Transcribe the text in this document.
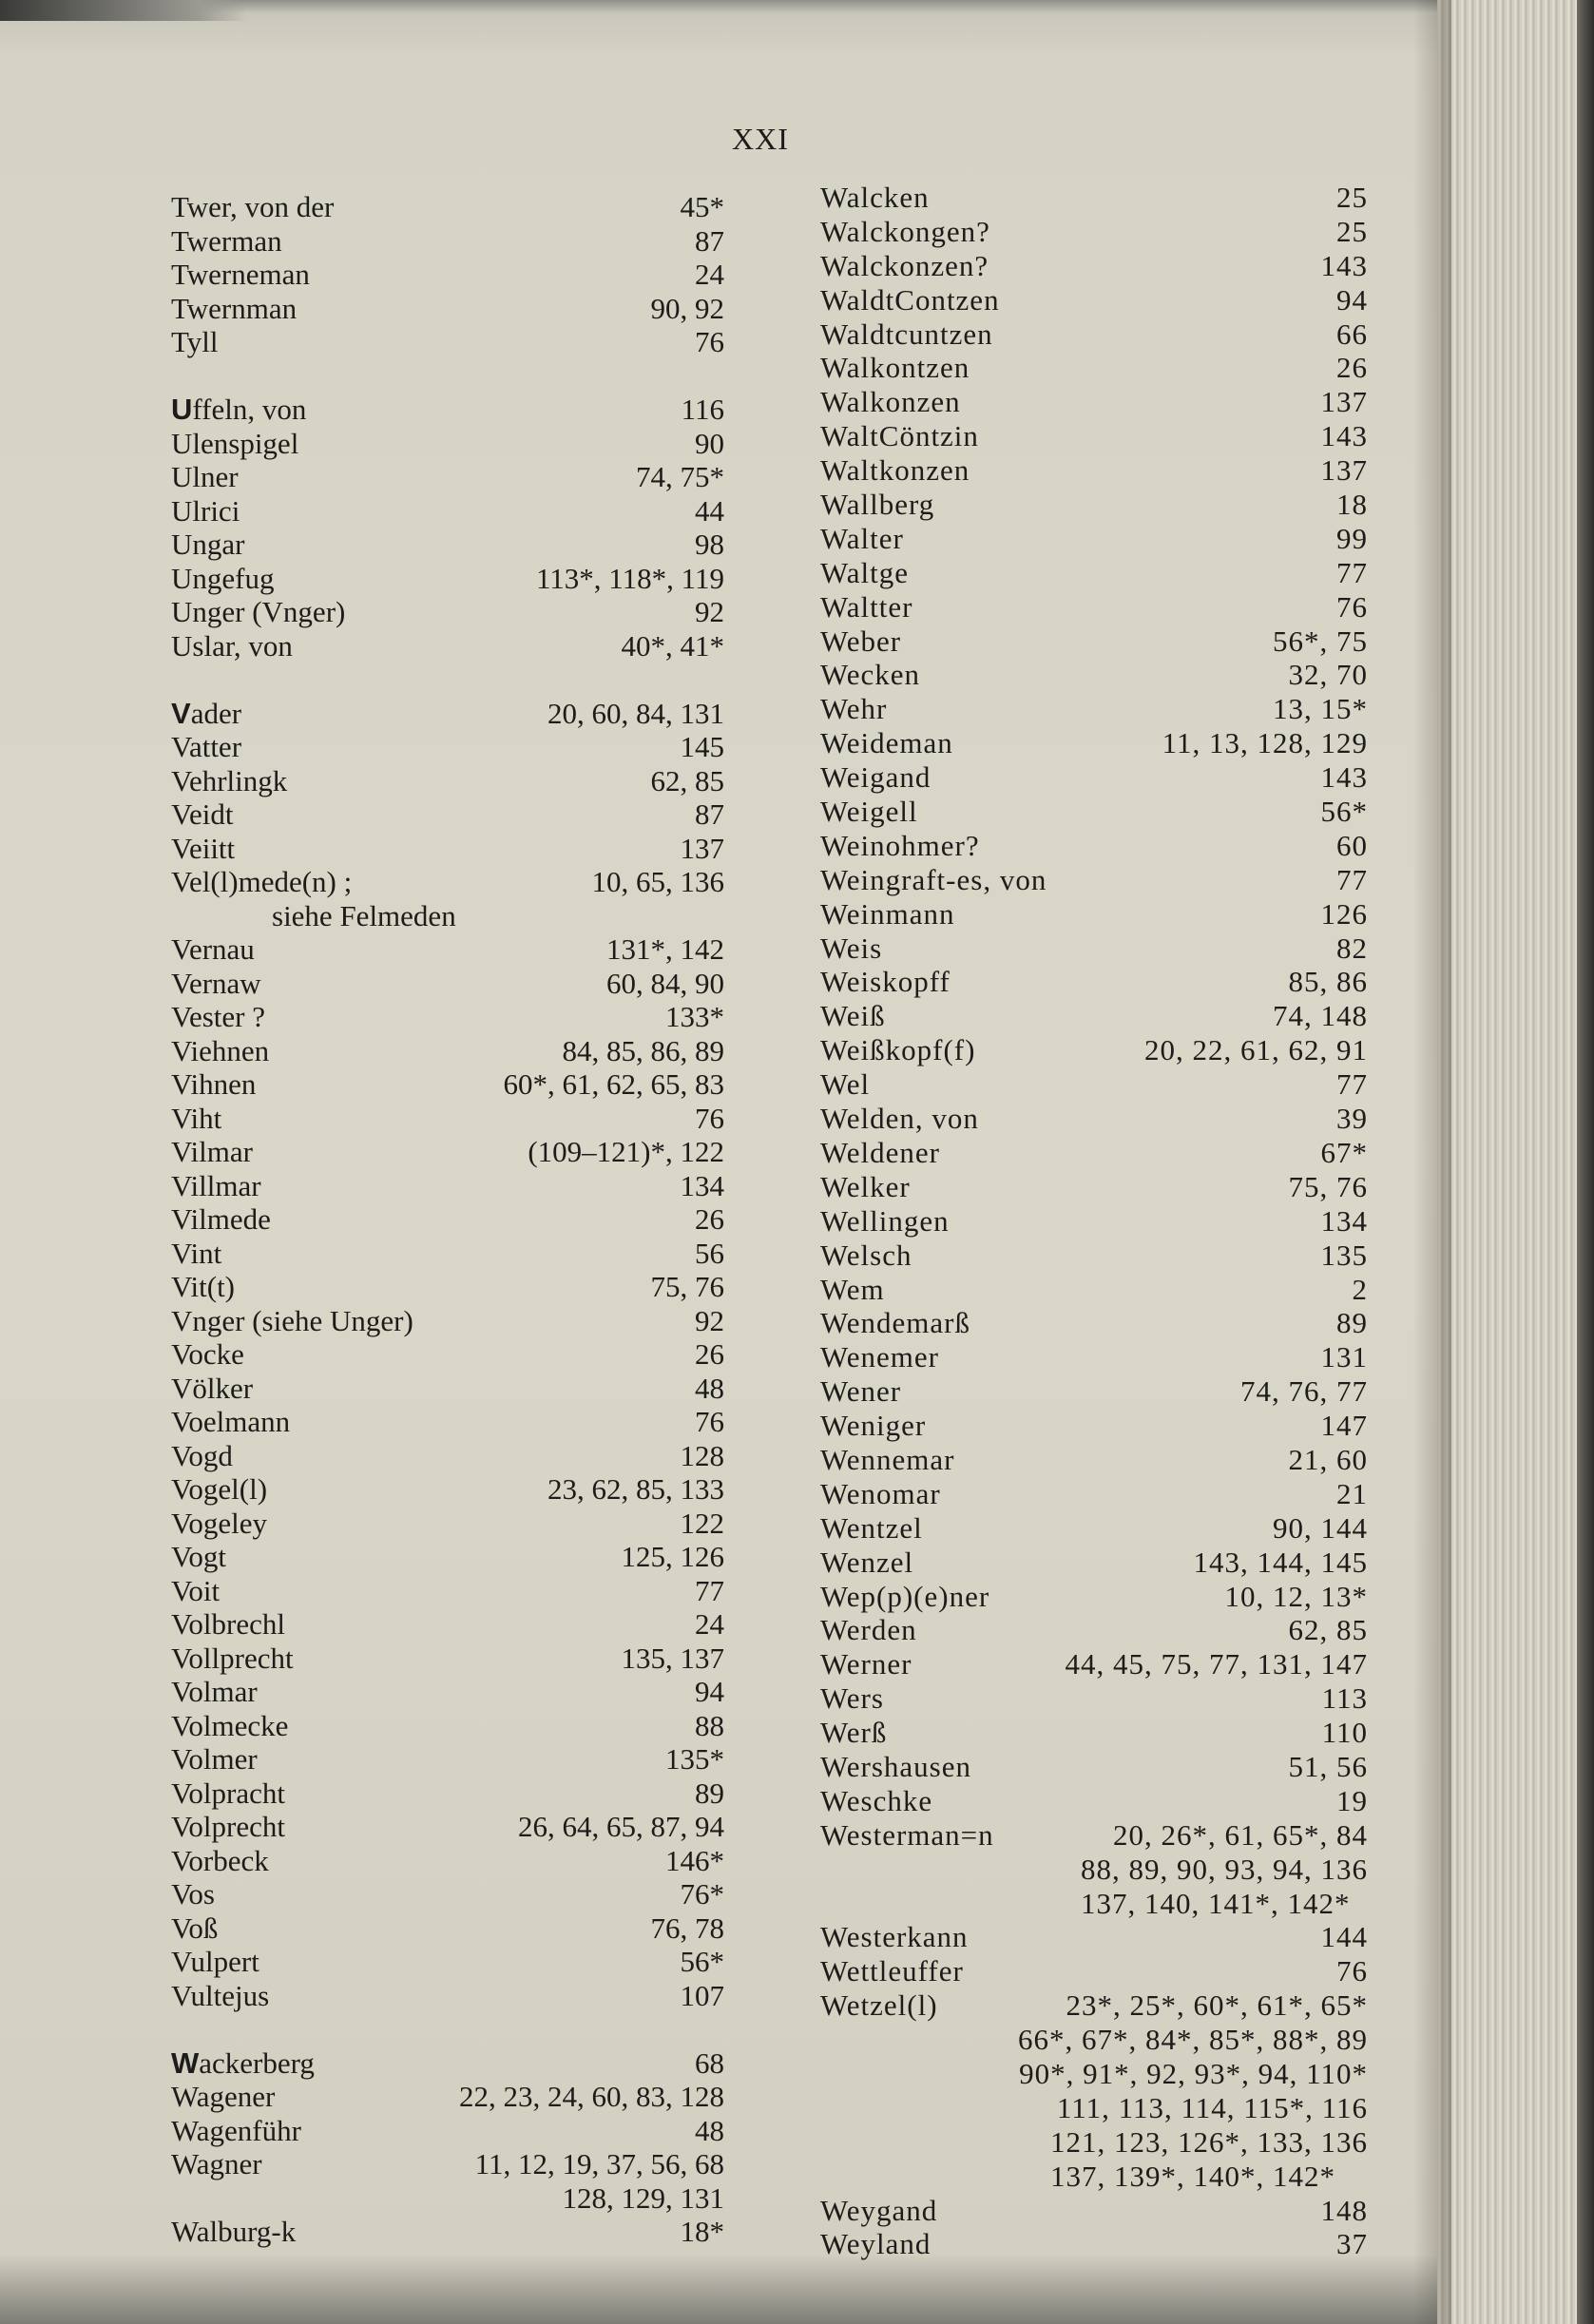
XXI
Twer, von der	45*
Twerman	87
Twerneman	24
Twernman	90, 92
Tyll	76
Uffeln, von	116
Ulenspigel	90
Ulner	74, 75*
Ulrici	44
Ungar	98
Ungefug	113*, 118*, 119
Unger (Vnger)	92
Uslar, von	40*, 41*
Vader	20, 60, 84, 131
Vatter	145
Vehrlingk	62, 85
Veidt	87
Veiitt	137
Vel(l)mede(n) ;	10, 65, 136
siehe Felmeden
Vernau	131*, 142
Vernaw	60, 84, 90
Vester ?	133*
Viehnen	84, 85, 86, 89
Vihnen	60*, 61, 62, 65, 83
Viht	76
Vilmar	(109–121)*, 122
Villmar	134
Vilmede	26
Vint	56
Vit(t)	75, 76
Vnger (siehe Unger)	92
Vocke	26
Völker	48
Voelmann	76
Vogd	128
Vogel(l)	23, 62, 85, 133
Vogeley	122
Vogt	125, 126
Voit	77
Volbrechl	24
Vollprecht	135, 137
Volmar	94
Volmecke	88
Volmer	135*
Volpracht	89
Volprecht	26, 64, 65, 87, 94
Vorbeck	146*
Vos	76*
Voß	76, 78
Vulpert	56*
Vultejus	107
Wackerberg	68
Wagener	22, 23, 24, 60, 83, 128
Wagenführ	48
Wagner	11, 12, 19, 37, 56, 68
128, 129, 131
Walburg-k	18*
Walcken	25
Walckongen?	25
Walckonzen?	143
WaldtContzen	94
Waldtcuntzen	66
Walkontzen	26
Walkonzen	137
WaltCöntzin	143
Waltkonzen	137
Wallberg	18
Walter	99
Waltge	77
Waltter	76
Weber	56*, 75
Wecken	32, 70
Wehr	13, 15*
Weideman	11, 13, 128, 129
Weigand	143
Weigell	56*
Weinohmer?	60
Weingraft-es, von	77
Weinmann	126
Weis	82
Weiskopff	85, 86
Weiß	74, 148
Weißkopf(f)	20, 22, 61, 62, 91
Wel	77
Welden, von	39
Weldener	67*
Welker	75, 76
Wellingen	134
Welsch	135
Wem	2
Wendemarß	89
Wenemer	131
Wener	74, 76, 77
Weniger	147
Wennemar	21, 60
Wenomar	21
Wentzel	90, 144
Wenzel	143, 144, 145
Wep(p)(e)ner	10, 12, 13*
Werden	62, 85
Werner	44, 45, 75, 77, 131, 147
Wers	113
Werß	110
Wershausen	51, 56
Weschke	19
Westerman=n	20, 26*, 61, 65*, 84
88, 89, 90, 93, 94, 136
137, 140, 141*, 142*
Westerkann	144
Wettleuffer	76
Wetzel(l)	23*, 25*, 60*, 61*, 65*
66*, 67*, 84*, 85*, 88*, 89
90*, 91*, 92, 93*, 94, 110*
111, 113, 114, 115*, 116
121, 123, 126*, 133, 136
137, 139*, 140*, 142*
Weygand	148
Weyland	37
